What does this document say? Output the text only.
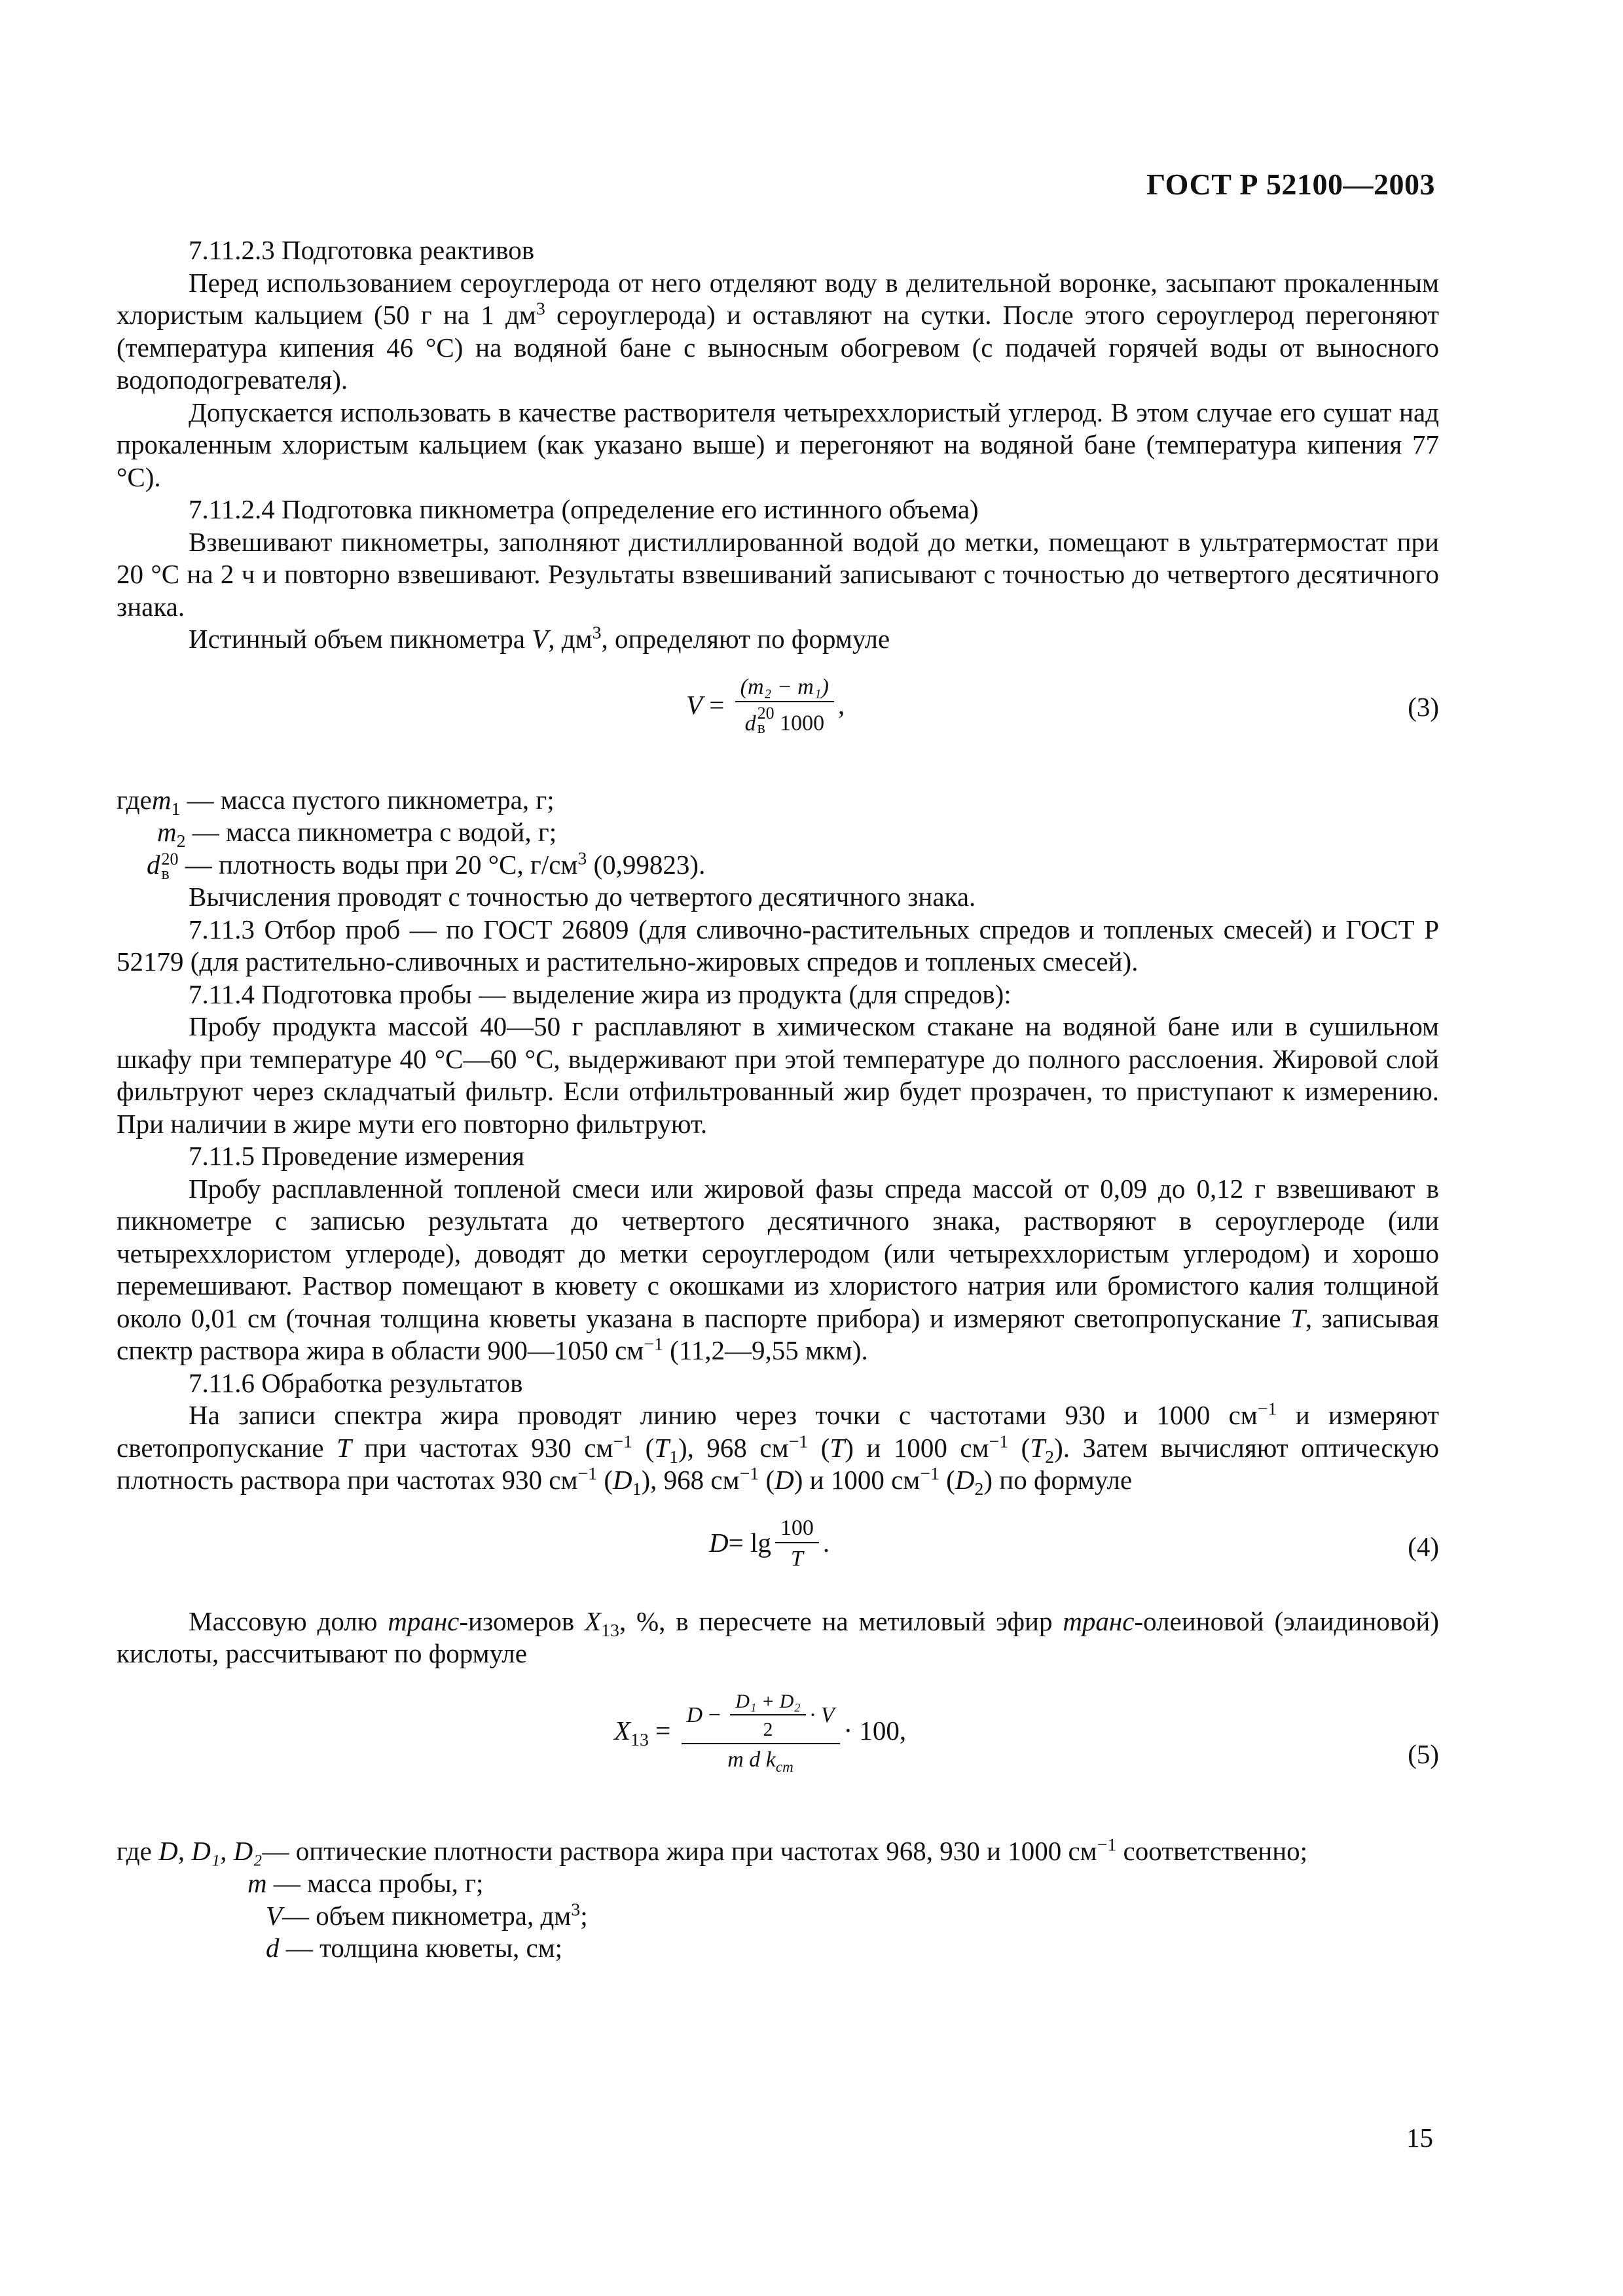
ГОСТ Р 52100—2003

7.11.2.3 Подготовка реактивов

Перед использованием сероуглерода от него отделяют воду в делительной воронке, засыпают прокаленным хлористым кальцием (50 г на 1 $дм^3$ сероуглерода) и оставляют на сутки. После этого сероуглерод перегоняют (температура кипения 46 °С) на водяной бане с выносным обогревом (с подачей горячей воды от выносного водоподогревателя).

Допускается использовать в качестве растворителя четыреххлористый углерод. В этом случае его сушат над прокаленным хлористым кальцием (как указано выше) и перегоняют на водяной бане (температура кипения 77 °С).

7.11.2.4 Подготовка пикнометра (определение его истинного объема)

Взвешивают пикнометры, заполняют дистиллированной водой до метки, помещают в ультратермостат при 20 °С на 2 ч и повторно взвешивают. Результаты взвешиваний записывают с точностью до четвертого десятичного знака.

Истинный объем пикнометра V, $дм^3$, определяют по формуле

V = (m₂ − m₁)
d 20
в 1000 ,	(3)
где $m_1$ — масса пустого пикнометра, г;
$m_2$ — масса пикнометра с водой, г;
d 20
в — плотность воды при 20 °С, $г/см^3$ (0,99823).

Вычисления проводят с точностью до четвертого десятичного знака.

7.11.3 Отбор проб — по ГОСТ 26809 (для сливочно-растительных спредов и топленых смесей) и ГОСТ Р 52179 (для растительно-сливочных и растительно-жировых спредов и топленых смесей).

7.11.4 Подготовка пробы — выделение жира из продукта (для спредов):

Пробу продукта массой 40—50 г расплавляют в химическом стакане на водяной бане или в сушильном шкафу при температуре 40 °С—60 °С, выдерживают при этой температуре до полного расслоения. Жировой слой фильтруют через складчатый фильтр. Если отфильтрованный жир будет прозрачен, то приступают к измерению. При наличии в жире мути его повторно фильтруют.

7.11.5 Проведение измерения

Пробу расплавленной топленой смеси или жировой фазы спреда массой от 0,09 до 0,12 г взвешивают в пикнометре с записью результата до четвертого десятичного знака, растворяют в сероуглероде (или четыреххлористом углероде), доводят до метки сероуглеродом (или четыреххлористым углеродом) и хорошо перемешивают. Раствор помещают в кювету с окошками из хлористого натрия или бромистого калия толщиной около 0,01 см (точная толщина кюветы указана в паспорте прибора) и измеряют светопропускание T, записывая спектр раствора жира в области 900—1050 $см^{-1}$ (11,2—9,55 мкм).

7.11.6 Обработка результатов

На записи спектра жира проводят линию через точки с частотами 930 и 1000 $см^{-1}$ и измеряют светопропускание T при частотах 930 $см^{-1}$ $(T_1)$, 968 $см^{-1}$ (T) и 1000 $см^{-1}$ $(T_2)$. Затем вычисляют оптическую плотность раствора при частотах 930 $см^{-1}$ $(D_1)$, 968 $см^{-1}$ (D) и 1000 $см^{-1}$ $(D_2)$ по формуле

$D = \lg \frac{100}{T}$ .	(4)

Массовую долю транс-изомеров $X_{13}$, %, в пересчете на метиловый эфир транс-олеиновой (элаидиновой) кислоты, рассчитывают по формуле

$X_{13} = \frac{D - \frac{\text{D₁ + D₂}}{2} \cdot V}{m d k_{cm}} \cdot 100$,
(5)
где D, D₁, D₂ — оптические плотности раствора жира при частотах 968, 930 и 1000 $см^{-1}$ соответственно;
m — масса пробы, г;
V— объем пикнометра, $дм^3$;
d — толщина кюветы, см;
15
